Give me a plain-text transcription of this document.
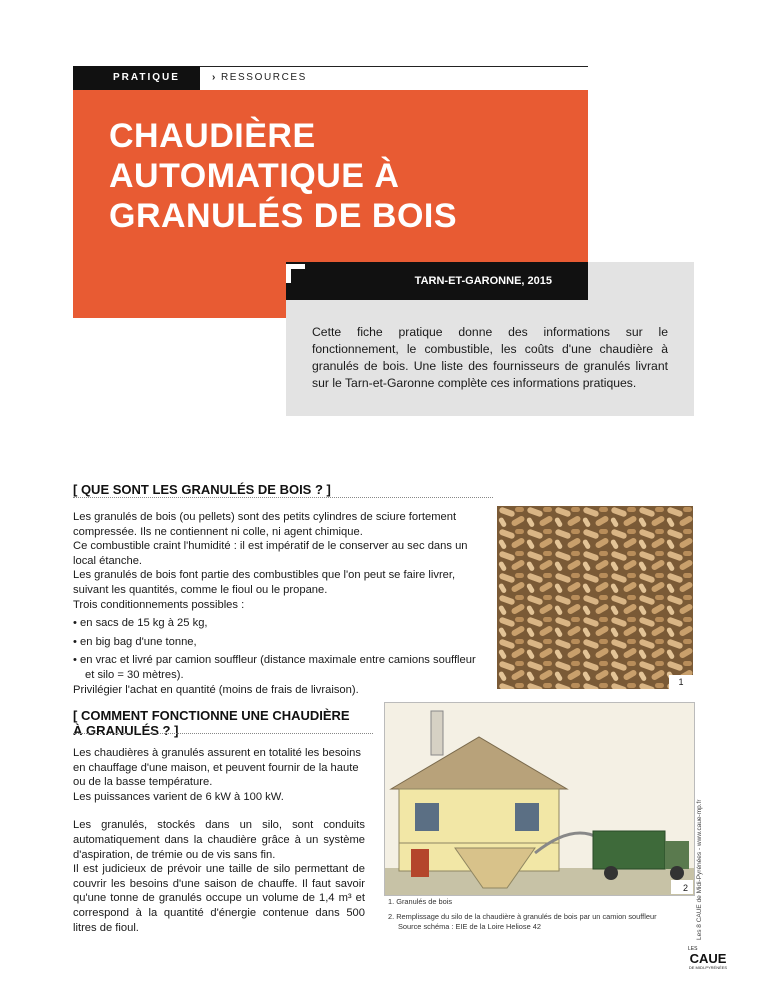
PRATIQUE	› RESSOURCES
CHAUDIÈRE
AUTOMATIQUE À
GRANULÉS DE BOIS
TARN-ET-GARONNE, 2015
Cette fiche pratique donne des informations sur le fonctionnement, le combustible, les coûts d'une chaudière à granulés de bois. Une liste des fournisseurs de granulés livrant sur le Tarn-et-Garonne complète ces informations pratiques.
[ QUE SONT LES GRANULÉS DE BOIS ? ]
Les granulés de bois (ou pellets) sont des petits cylindres de sciure fortement compressée. Ils ne contiennent ni colle, ni agent chimique.
Ce combustible craint l'humidité : il est impératif de le conserver au sec dans un local étanche.
Les granulés de bois font partie des combustibles que l'on peut se faire livrer, suivant les quantités, comme le fioul ou le propane.
Trois conditionnements possibles :
• en sacs de 15 kg à 25 kg,
• en big bag d'une tonne,
• en vrac et livré par camion souffleur (distance maximale entre camions souffleur et silo = 30 mètres).
Privilégier l'achat en quantité (moins de frais de livraison).
1
[ COMMENT FONCTIONNE UNE CHAUDIÈRE
À GRANULÉS ? ]
Les chaudières à granulés assurent en totalité les besoins en chauffage d'une maison, et peuvent fournir de la haute ou de la basse température.
Les puissances varient de 6 kW à 100 kW.
Les granulés, stockés dans un silo, sont conduits automatiquement dans la chaudière grâce à un système d'aspiration, de trémie ou de vis sans fin.
Il est judicieux de prévoir une taille de silo permettant de couvrir les besoins d'une saison de chauffe. Il faut savoir qu'une tonne de granulés occupe un volume de 1,4 m³ et correspond à la quantité d'énergie contenue dans 500 litres de fioul.
2
1. Granulés de bois
2. Remplissage du silo de la chaudière à granulés de bois par un camion souffleur
Source schéma : EIE de la Loire Heliose 42	Les 8 CAUE de Midi-Pyrénées - www.caue-mp.fr
LES
CAUE
DE MIDI-PYRÉNÉES
